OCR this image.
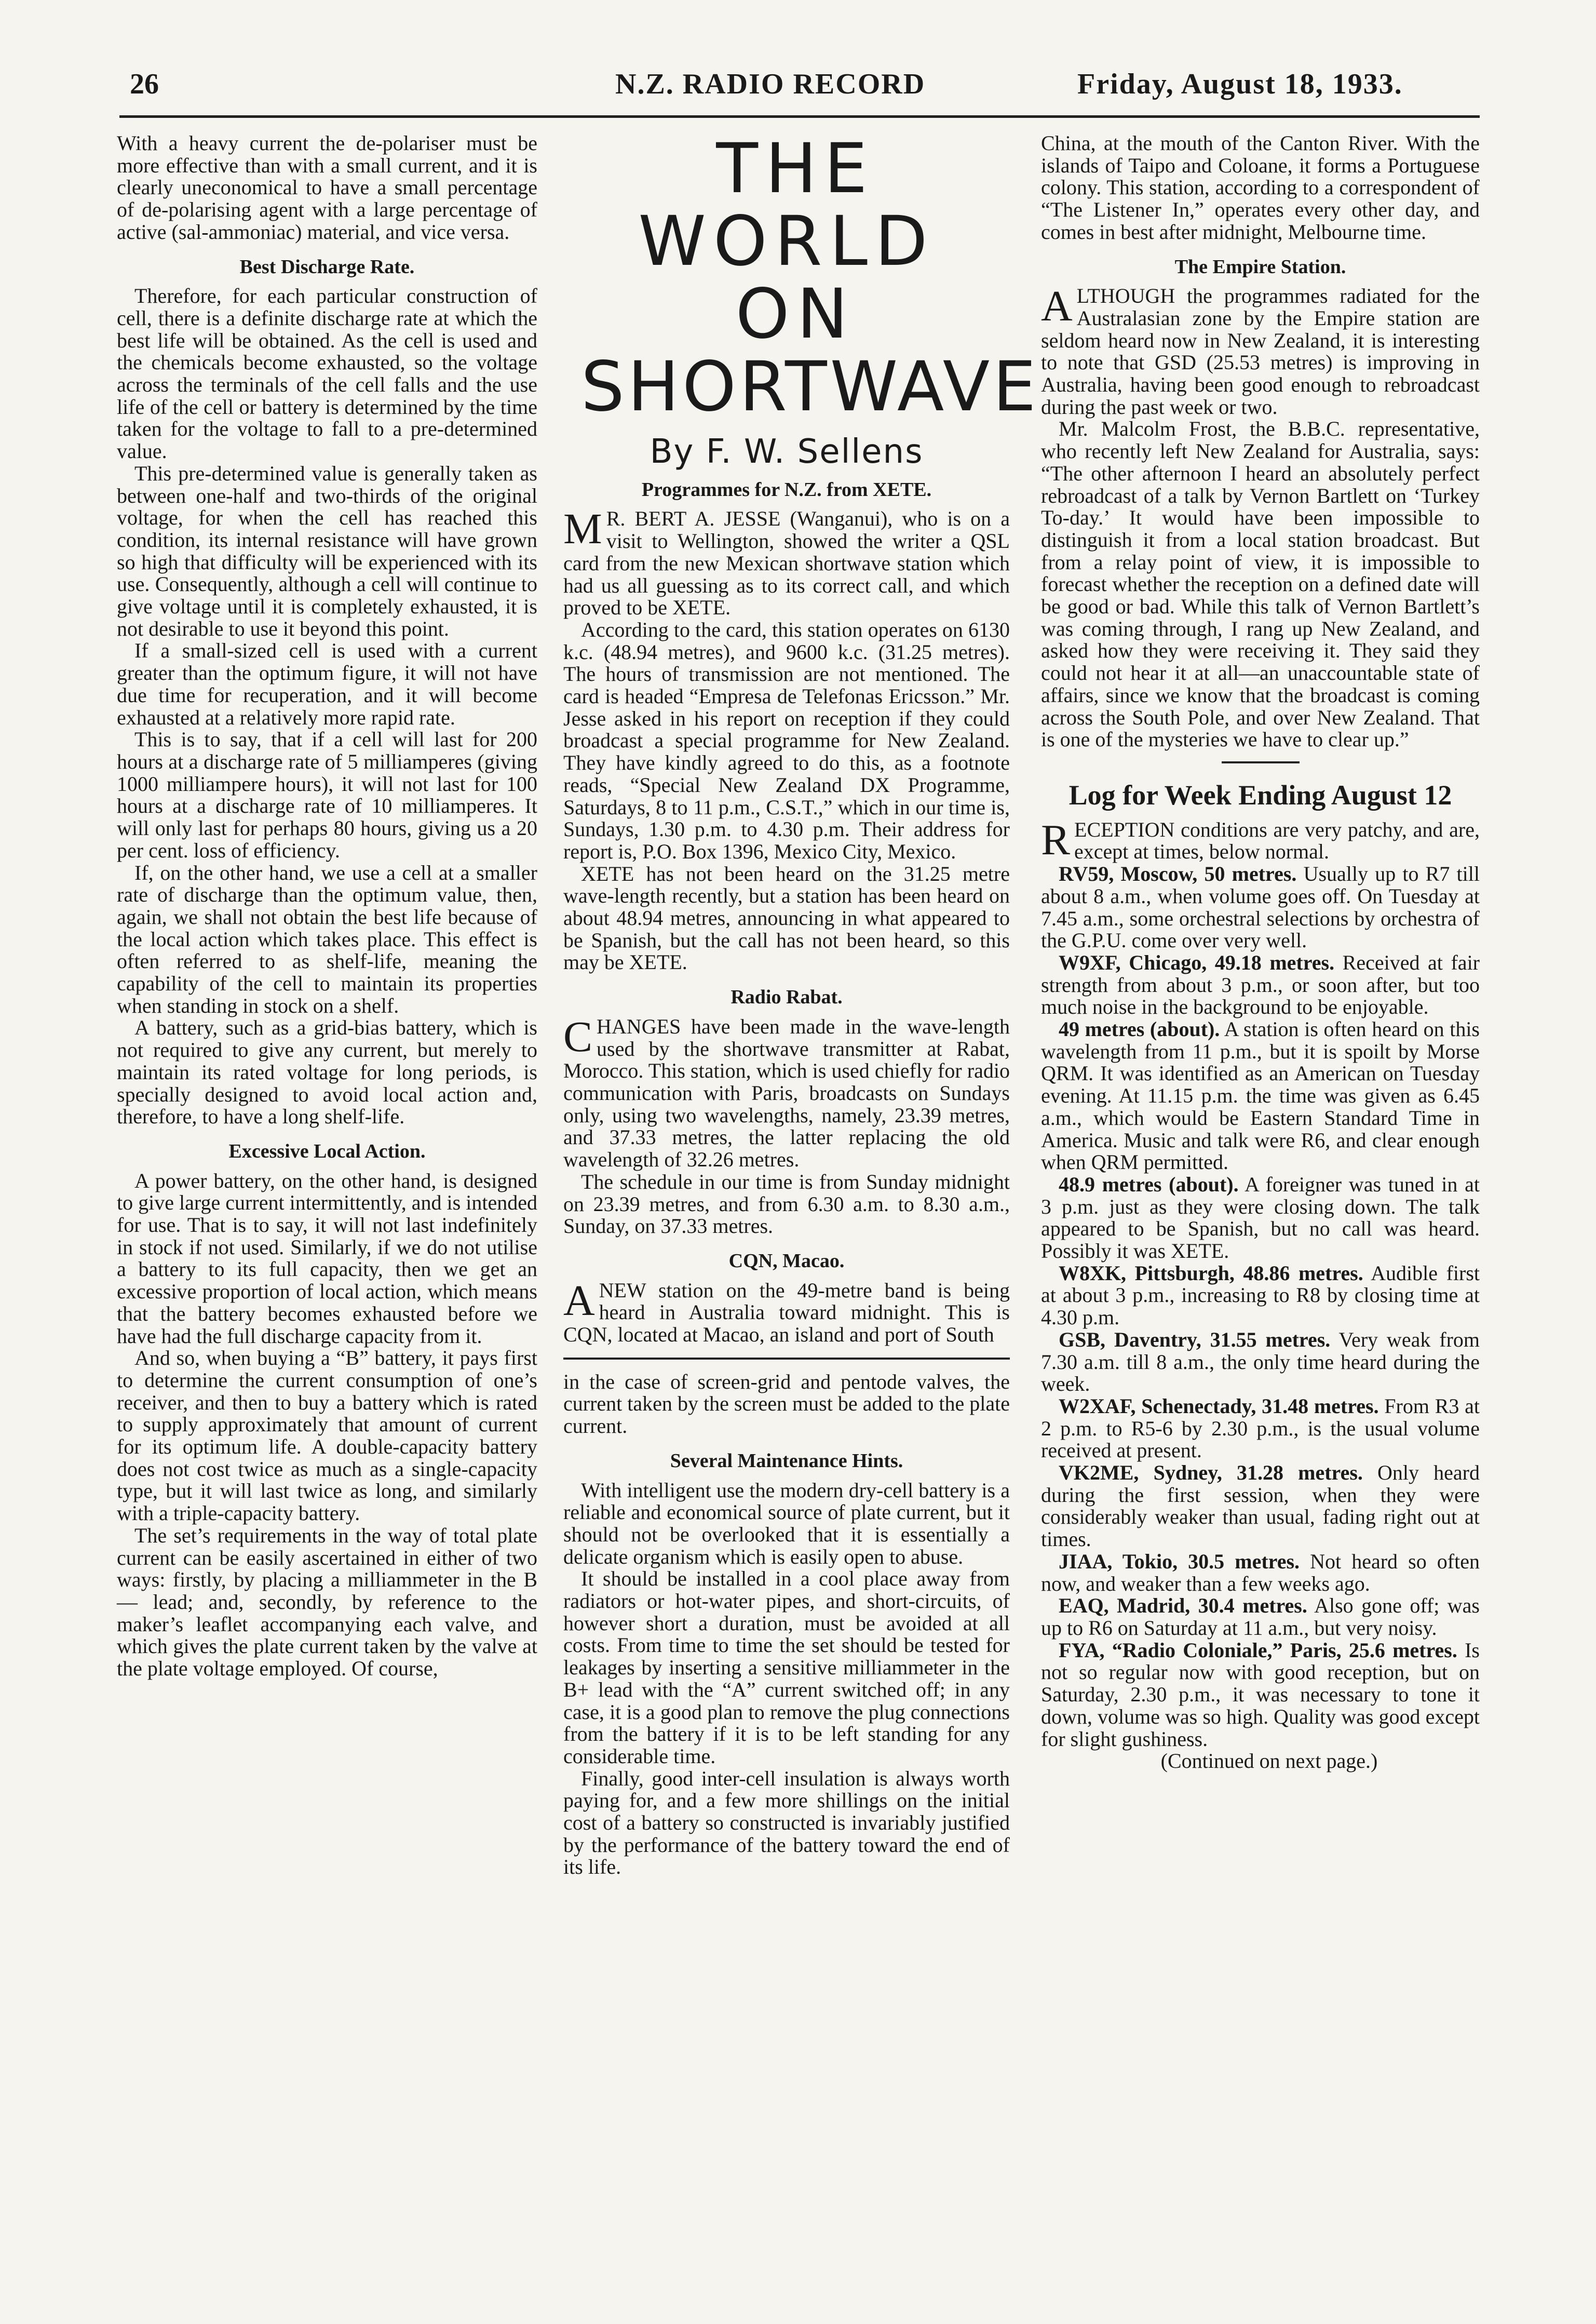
26	N.Z. RADIO RECORD	Friday, August 18, 1933.

With a heavy current the de-polariser must be more effective than with a small current, and it is clearly uneconomical to have a small percentage of de-polarising agent with a large percentage of active (sal-ammoniac) material, and vice versa.

Best Discharge Rate.

Therefore, for each particular construction of cell, there is a definite discharge rate at which the best life will be obtained. As the cell is used and the chemicals become exhausted, so the voltage across the terminals of the cell falls and the use life of the cell or battery is determined by the time taken for the voltage to fall to a pre-determined value.

This pre-determined value is generally taken as between one-half and two-thirds of the original voltage, for when the cell has reached this condition, its internal resistance will have grown so high that difficulty will be experienced with its use. Consequently, although a cell will continue to give voltage until it is completely exhausted, it is not desirable to use it beyond this point.

If a small-sized cell is used with a current greater than the optimum figure, it will not have due time for recuperation, and it will become exhausted at a relatively more rapid rate.

This is to say, that if a cell will last for 200 hours at a discharge rate of 5 milliamperes (giving 1000 milliampere hours), it will not last for 100 hours at a discharge rate of 10 milliamperes. It will only last for perhaps 80 hours, giving us a 20 per cent. loss of efficiency.

If, on the other hand, we use a cell at a smaller rate of discharge than the optimum value, then, again, we shall not obtain the best life because of the local action which takes place. This effect is often referred to as shelf-life, meaning the capability of the cell to maintain its properties when standing in stock on a shelf.

A battery, such as a grid-bias battery, which is not required to give any current, but merely to maintain its rated voltage for long periods, is specially designed to avoid local action and, therefore, to have a long shelf-life.

Excessive Local Action.

A power battery, on the other hand, is designed to give large current intermittently, and is intended for use. That is to say, it will not last indefinitely in stock if not used. Similarly, if we do not utilise a battery to its full capacity, then we get an excessive proportion of local action, which means that the battery becomes exhausted before we have had the full discharge capacity from it.

And so, when buying a “B” battery, it pays first to determine the current consumption of one’s receiver, and then to buy a battery which is rated to supply approximately that amount of current for its optimum life. A double-capacity battery does not cost twice as much as a single-capacity type, but it will last twice as long, and similarly with a triple-capacity battery.

The set’s requirements in the way of total plate current can be easily ascertained in either of two ways: firstly, by placing a milliammeter in the B — lead; and, secondly, by reference to the maker’s leaflet accompanying each valve, and which gives the plate current taken by the valve at the plate voltage employed. Of course,

THE WORLD

ON

SHORTWAVE

By F. W. Sellens
Programmes for N.Z. from XETE.

M R. BERT A. JESSE (Wanganui), who is on a visit to Wellington, showed the writer a QSL card from the new Mexican shortwave station which had us all guessing as to its correct call, and which proved to be XETE.

According to the card, this station operates on 6130 k.c. (48.94 metres), and 9600 k.c. (31.25 metres). The hours of transmission are not mentioned. The card is headed “Empresa de Telefonas Ericsson.” Mr. Jesse asked in his report on reception if they could broadcast a special programme for New Zealand. They have kindly agreed to do this, as a footnote reads, “Special New Zealand DX Programme, Saturdays, 8 to 11 p.m., C.S.T.,” which in our time is, Sundays, 1.30 p.m. to 4.30 p.m. Their address for report is, P.O. Box 1396, Mexico City, Mexico.

XETE has not been heard on the 31.25 metre wave-length recently, but a station has been heard on about 48.94 metres, announcing in what appeared to be Spanish, but the call has not been heard, so this may be XETE.

Radio Rabat.

CHANGES have been made in the wave-length used by the shortwave transmitter at Rabat, Morocco. This station, which is used chiefly for radio communication with Paris, broadcasts on Sundays only, using two wavelengths, namely, 23.39 metres, and 37.33 metres, the latter replacing the old wavelength of 32.26 metres.

The schedule in our time is from Sunday midnight on 23.39 metres, and from 6.30 a.m. to 8.30 a.m., Sunday, on 37.33 metres.

CQN, Macao.

A NEW station on the 49-metre band is being heard in Australia toward midnight. This is CQN, located at Macao, an island and port of South

in the case of screen-grid and pentode valves, the current taken by the screen must be added to the plate current.

Several Maintenance Hints.

With intelligent use the modern dry-cell battery is a reliable and economical source of plate current, but it should not be overlooked that it is essentially a delicate organism which is easily open to abuse.

It should be installed in a cool place away from radiators or hot-water pipes, and short-circuits, of however short a duration, must be avoided at all costs. From time to time the set should be tested for leakages by inserting a sensitive milliammeter in the B+ lead with the “A” current switched off; in any case, it is a good plan to remove the plug connections from the battery if it is to be left standing for any considerable time.

Finally, good inter-cell insulation is always worth paying for, and a few more shillings on the initial cost of a battery so constructed is invariably justified by the performance of the battery toward the end of its life.

China, at the mouth of the Canton River. With the islands of Taipo and Coloane, it forms a Portuguese colony. This station, according to a correspondent of “The Listener In,” operates every other day, and comes in best after midnight, Melbourne time.

The Empire Station.

ALTHOUGH the programmes radiated for the Australasian zone by the Empire station are seldom heard now in New Zealand, it is interesting to note that GSD (25.53 metres) is improving in Australia, having been good enough to rebroadcast during the past week or two.

Mr. Malcolm Frost, the B.B.C. representative, who recently left New Zealand for Australia, says: “The other afternoon I heard an absolutely perfect rebroadcast of a talk by Vernon Bartlett on ‘Turkey To-day.’ It would have been impossible to distinguish it from a local station broadcast. But from a relay point of view, it is impossible to forecast whether the reception on a defined date will be good or bad. While this talk of Vernon Bartlett’s was coming through, I rang up New Zealand, and asked how they were receiving it. They said they could not hear it at all—an unaccountable state of affairs, since we know that the broadcast is coming across the South Pole, and over New Zealand. That is one of the mysteries we have to clear up.”

Log for Week Ending August 12

RECEPTION conditions are very patchy, and are, except at times, below normal.

RV59, Moscow, 50 metres. Usually up to R7 till about 8 a.m., when volume goes off. On Tuesday at 7.45 a.m., some orchestral selections by orchestra of the G.P.U. come over very well.

W9XF, Chicago, 49.18 metres. Received at fair strength from about 3 p.m., or soon after, but too much noise in the background to be enjoyable.

49 metres (about). A station is often heard on this wavelength from 11 p.m., but it is spoilt by Morse QRM. It was identified as an American on Tuesday evening. At 11.15 p.m. the time was given as 6.45 a.m., which would be Eastern Standard Time in America. Music and talk were R6, and clear enough when QRM permitted.

48.9 metres (about). A foreigner was tuned in at 3 p.m. just as they were closing down. The talk appeared to be Spanish, but no call was heard. Possibly it was XETE.

W8XK, Pittsburgh, 48.86 metres. Audible first at about 3 p.m., increasing to R8 by closing time at 4.30 p.m.

GSB, Daventry, 31.55 metres. Very weak from 7.30 a.m. till 8 a.m., the only time heard during the week.

W2XAF, Schenectady, 31.48 metres. From R3 at 2 p.m. to R5-6 by 2.30 p.m., is the usual volume received at present.

VK2ME, Sydney, 31.28 metres. Only heard during the first session, when they were considerably weaker than usual, fading right out at times.

JIAA, Tokio, 30.5 metres. Not heard so often now, and weaker than a few weeks ago.

EAQ, Madrid, 30.4 metres. Also gone off; was up to R6 on Saturday at 11 a.m., but very noisy.

FYA, “Radio Coloniale,” Paris, 25.6 metres. Is not so regular now with good reception, but on Saturday, 2.30 p.m., it was necessary to tone it down, volume was so high. Quality was good except for slight gushiness.

(Continued on next page.)
